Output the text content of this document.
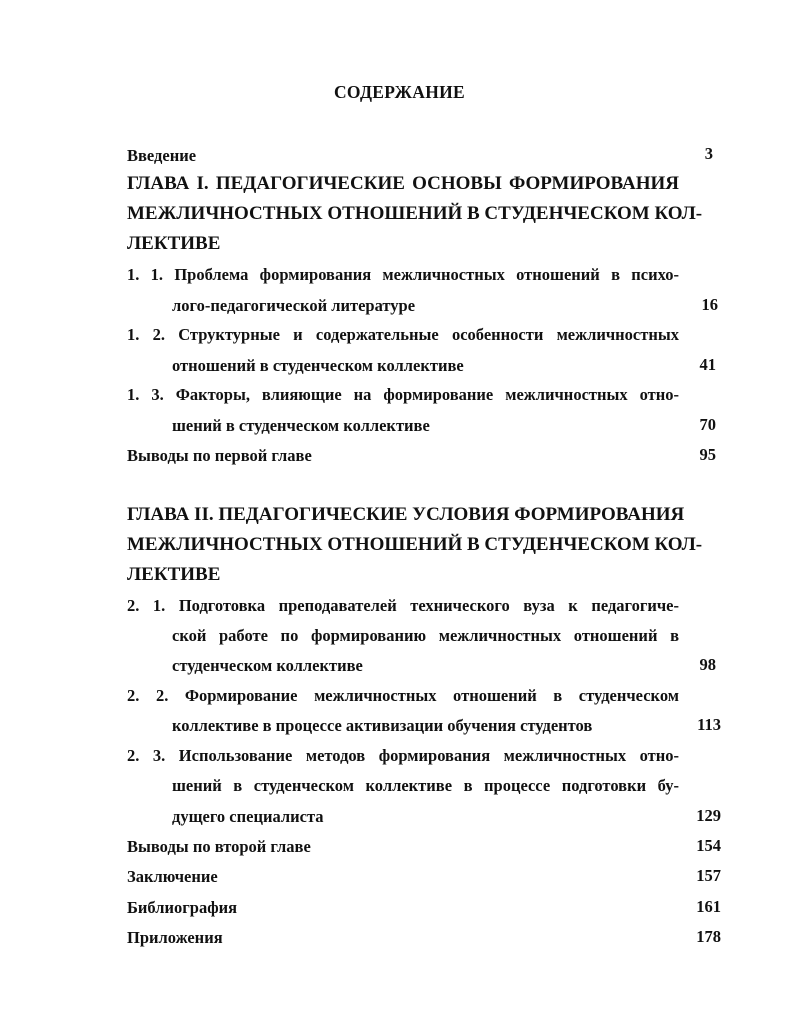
СОДЕРЖАНИЕ
Введение	3
ГЛАВА I. ПЕДАГОГИЧЕСКИЕ ОСНОВЫ ФОРМИРОВАНИЯ
МЕЖЛИЧНОСТНЫХ ОТНОШЕНИЙ В СТУДЕНЧЕСКОМ КОЛ-
ЛЕКТИВЕ
1. 1. Проблема формирования межличностных отношений в психо-
лого-педагогической литературе	16
1. 2. Структурные и содержательные особенности межличностных
отношений в студенческом коллективе	41
1. 3. Факторы, влияющие на формирование межличностных отно-
шений в студенческом коллективе	70
Выводы по первой главе	95
ГЛАВА II. ПЕДАГОГИЧЕСКИЕ УСЛОВИЯ ФОРМИРОВАНИЯ
МЕЖЛИЧНОСТНЫХ ОТНОШЕНИЙ В СТУДЕНЧЕСКОМ КОЛ-
ЛЕКТИВЕ
2. 1. Подготовка преподавателей технического вуза к педагогиче-
ской работе по формированию межличностных отношений в
студенческом коллективе	98
2. 2. Формирование межличностных отношений в студенческом
коллективе в процессе активизации обучения студентов	113
2. 3. Использование методов формирования межличностных отно-
шений в студенческом коллективе в процессе подготовки бу-
дущего специалиста	129
Выводы по второй главе	154
Заключение	157
Библиография	161
Приложения	178
